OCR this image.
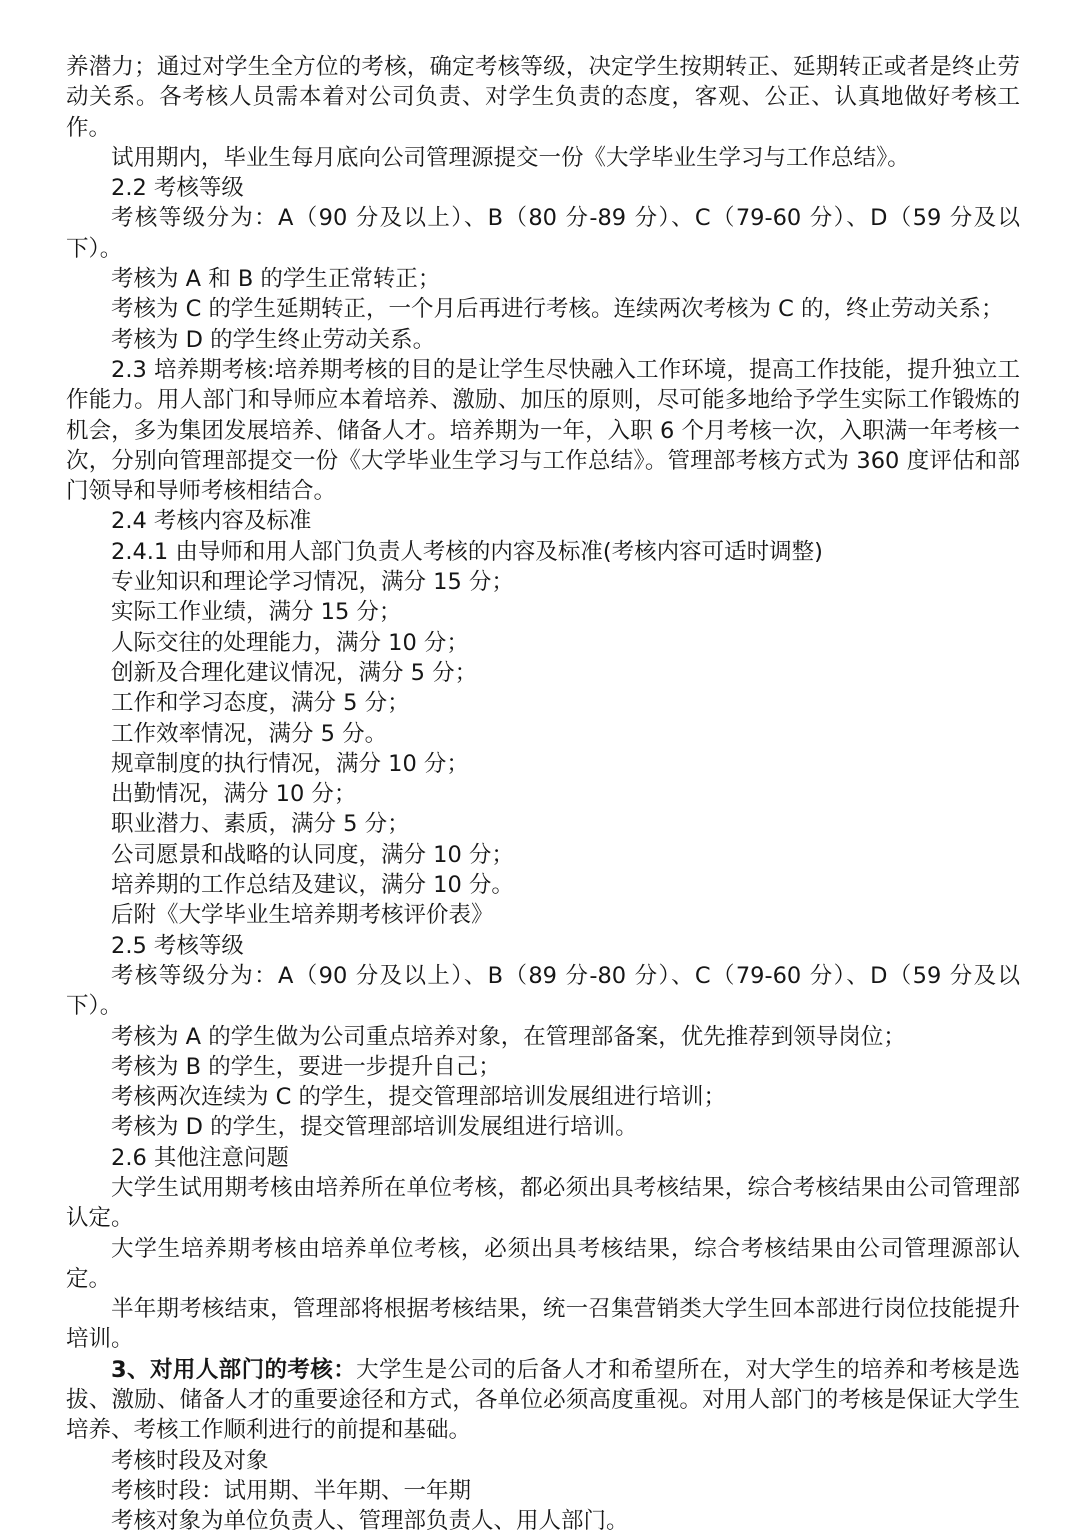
养潜力；通过对学生全方位的考核，确定考核等级，决定学生按期转正、延期转正或者是终止劳动关系。各考核人员需本着对公司负责、对学生负责的态度，客观、公正、认真地做好考核工作。

试用期内，毕业生每月底向公司管理源提交一份《大学毕业生学习与工作总结》。

2.2 考核等级

考核等级分为：A（90 分及以上）、B（80 分-89 分）、C（79-60 分）、D（59 分及以下）。

考核为 A 和 B 的学生正常转正；

考核为 C 的学生延期转正，一个月后再进行考核。连续两次考核为 C 的，终止劳动关系；

考核为 D 的学生终止劳动关系。

2.3 培养期考核:培养期考核的目的是让学生尽快融入工作环境，提高工作技能，提升独立工作能力。用人部门和导师应本着培养、激励、加压的原则，尽可能多地给予学生实际工作锻炼的机会，多为集团发展培养、储备人才。培养期为一年，入职 6 个月考核一次，入职满一年考核一次，分别向管理部提交一份《大学毕业生学习与工作总结》。管理部考核方式为 360 度评估和部门领导和导师考核相结合。

2.4 考核内容及标准

2.4.1 由导师和用人部门负责人考核的内容及标准(考核内容可适时调整)

专业知识和理论学习情况，满分 15 分；

实际工作业绩，满分 15 分；

人际交往的处理能力，满分 10 分；

创新及合理化建议情况，满分 5 分；

工作和学习态度，满分 5 分；

工作效率情况，满分 5 分。

规章制度的执行情况，满分 10 分；

出勤情况，满分 10 分；

职业潜力、素质，满分 5 分；

公司愿景和战略的认同度，满分 10 分；

培养期的工作总结及建议，满分 10 分。

后附《大学毕业生培养期考核评价表》

2.5 考核等级

考核等级分为：A（90 分及以上）、B（89 分-80 分）、C（79-60 分）、D（59 分及以下）。

考核为 A 的学生做为公司重点培养对象，在管理部备案，优先推荐到领导岗位；

考核为 B 的学生，要进一步提升自己；

考核两次连续为 C 的学生，提交管理部培训发展组进行培训；

考核为 D 的学生，提交管理部培训发展组进行培训。

2.6 其他注意问题

大学生试用期考核由培养所在单位考核，都必须出具考核结果，综合考核结果由公司管理部认定。

大学生培养期考核由培养单位考核，必须出具考核结果，综合考核结果由公司管理源部认定。

半年期考核结束，管理部将根据考核结果，统一召集营销类大学生回本部进行岗位技能提升培训。

3、对用人部门的考核：大学生是公司的后备人才和希望所在，对大学生的培养和考核是选拔、激励、储备人才的重要途径和方式，各单位必须高度重视。对用人部门的考核是保证大学生培养、考核工作顺利进行的前提和基础。

考核时段及对象

考核时段：试用期、半年期、一年期

考核对象为单位负责人、管理部负责人、用人部门。
